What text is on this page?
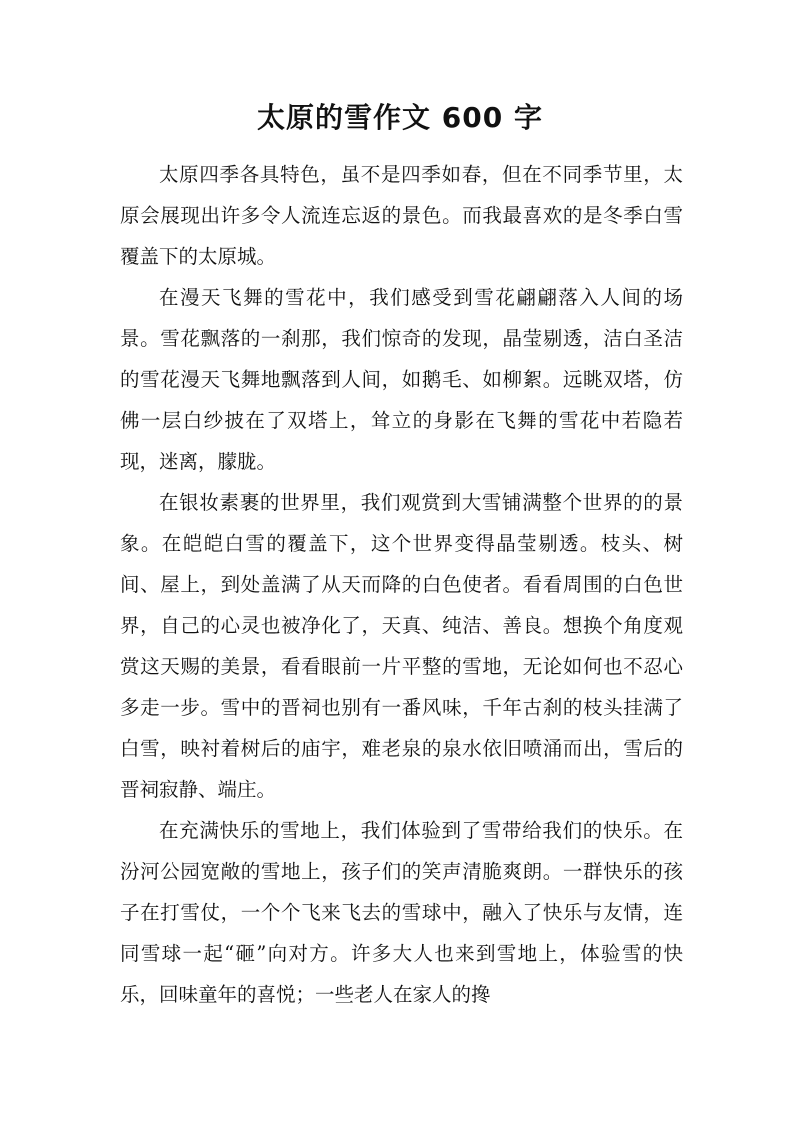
太原的雪作文 600 字

太原四季各具特色，虽不是四季如春，但在不同季节里，太原会展现出许多令人流连忘返的景色。而我最喜欢的是冬季白雪覆盖下的太原城。

在漫天飞舞的雪花中，我们感受到雪花翩翩落入人间的场景。雪花飘落的一刹那，我们惊奇的发现，晶莹剔透，洁白圣洁的雪花漫天飞舞地飘落到人间，如鹅毛、如柳絮。远眺双塔，仿佛一层白纱披在了双塔上，耸立的身影在飞舞的雪花中若隐若现，迷离，朦胧。

在银妆素裹的世界里，我们观赏到大雪铺满整个世界的的景象。在皑皑白雪的覆盖下，这个世界变得晶莹剔透。枝头、树间、屋上，到处盖满了从天而降的白色使者。看看周围的白色世界，自己的心灵也被净化了，天真、纯洁、善良。想换个角度观赏这天赐的美景，看看眼前一片平整的雪地，无论如何也不忍心多走一步。雪中的晋祠也别有一番风味，千年古刹的枝头挂满了白雪，映衬着树后的庙宇，难老泉的泉水依旧喷涌而出，雪后的晋祠寂静、端庄。

在充满快乐的雪地上，我们体验到了雪带给我们的快乐。在汾河公园宽敞的雪地上，孩子们的笑声清脆爽朗。一群快乐的孩子在打雪仗，一个个飞来飞去的雪球中，融入了快乐与友情，连同雪球一起“砸”向对方。许多大人也来到雪地上，体验雪的快乐，回味童年的喜悦；一些老人在家人的搀
